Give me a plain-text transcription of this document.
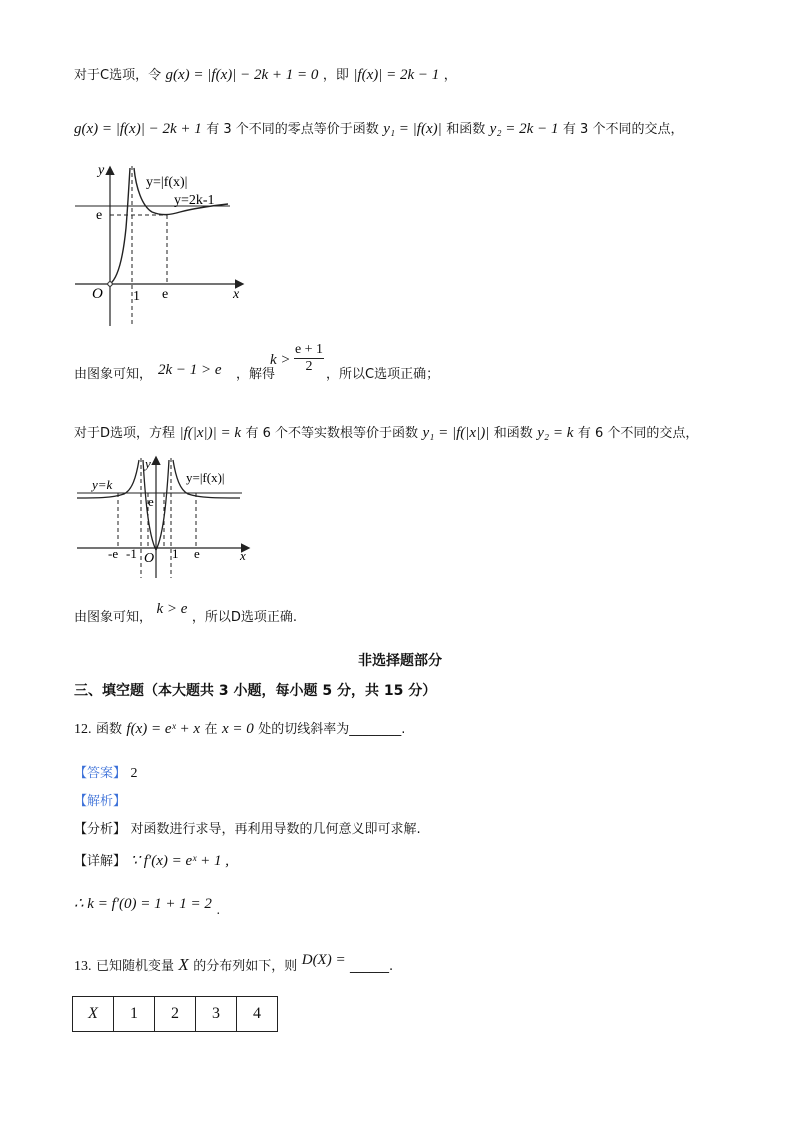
对于C选项，令 g(x) = |f(x)| − 2k + 1 = 0 ，即 |f(x)| = 2k − 1 ，
g(x) = |f(x)| − 2k + 1 有 3 个不同的零点等价于函数 y₁ = |f(x)| 和函数 y₂ = 2k − 1 有 3 个不同的交点，
y
x
O
y=|f(x)|
y=2k-1
e
1 e
由图象可知， 2k − 1 > e ，解得
$k > \frac{e + 1}{2}$ ，所以C选项正确；
对于D选项，方程 |f(|x|)| = k 有 6 个不等实数根等价于函数 y₁ = |f(|x|)| 和函数 y₂ = k 有 6 个不同的交点，
y
x
O
y=k	y=|f(x)|
e
-e -1	1 e
由图象可知， k > e ，所以D选项正确.
非选择题部分
三、填空题（本大题共 3 小题，每小题 5 分，共 15 分）
12. 函数 f(x) = eˣ + x 在 x = 0 处的切线斜率为________.
【答案】 2
【解析】
【分析】 对函数进行求导，再利用导数的几何意义即可求解.
【详解】 ∵ f′(x) = eˣ + 1 ,
∴ k = f′(0) = 1 + 1 = 2 .
13. 已知随机变量 X 的分布列如下，则 D(X) = ______.
X	1	2	3	4
